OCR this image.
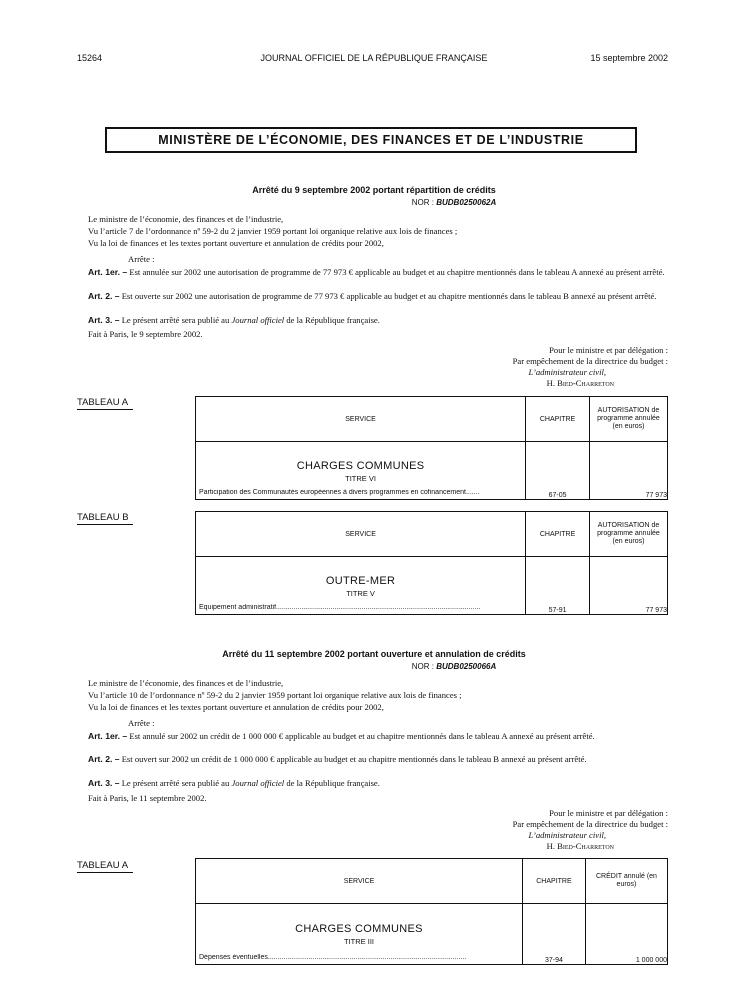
15264	JOURNAL OFFICIEL DE LA RÉPUBLIQUE FRANÇAISE	15 septembre 2002
MINISTÈRE DE L’ÉCONOMIE, DES FINANCES ET DE L’INDUSTRIE
Arrêté du 9 septembre 2002 portant répartition de crédits
NOR : BUDB0250062A
Le ministre de l’économie, des finances et de l’industrie,
Vu l’article 7 de l’ordonnance nº 59-2 du 2 janvier 1959 portant loi organique relative aux lois de finances ;
Vu la loi de finances et les textes portant ouverture et annulation de crédits pour 2002,
Arrête :
Art. 1er. – Est annulée sur 2002 une autorisation de programme de 77 973 € applicable au budget et au chapitre mentionnés dans le tableau A annexé au présent arrêté.
Art. 2. – Est ouverte sur 2002 une autorisation de programme de 77 973 € applicable au budget et au chapitre mentionnés dans le tableau B annexé au présent arrêté.
Art. 3. – Le présent arrêté sera publié au Journal officiel de la République française.
Fait à Paris, le 9 septembre 2002.
Pour le ministre et par délégation :
Par empêchement de la directrice du budget :
L’administrateur civil,
H. Bied-Charreton
TABLEAU A
SERVICE	CHAPITRE	AUTORISATION de programme annulée (en euros)

CHARGES COMMUNES
TITRE VI
Participation des Communautés européennes à divers programmes en cofinancement.......	67-05	77 973
TABLEAU B
SERVICE	CHAPITRE	AUTORISATION de programme annulée (en euros)

OUTRE-MER
TITRE V
Equipement administratif.........................................................................................................	57-91	77 973
Arrêté du 11 septembre 2002 portant ouverture et annulation de crédits
NOR : BUDB0250066A
Le ministre de l’économie, des finances et de l’industrie,
Vu l’article 10 de l’ordonnance nº 59-2 du 2 janvier 1959 portant loi organique relative aux lois de finances ;
Vu la loi de finances et les textes portant ouverture et annulation de crédits pour 2002,
Arrête :
Art. 1er. – Est annulé sur 2002 un crédit de 1 000 000 € applicable au budget et au chapitre mentionnés dans le tableau A annexé au présent arrêté.
Art. 2. – Est ouvert sur 2002 un crédit de 1 000 000 € applicable au budget et au chapitre mentionnés dans le tableau B annexé au présent arrêté.
Art. 3. – Le présent arrêté sera publié au Journal officiel de la République française.
Fait à Paris, le 11 septembre 2002.
Pour le ministre et par délégation :
Par empêchement de la directrice du budget :
L’administrateur civil,
H. Bied-Charreton
TABLEAU A
SERVICE	CHAPITRE	CRÉDIT annulé (en euros)

CHARGES COMMUNES
TITRE III
Dépenses éventuelles......................................................................................................	37-94	1 000 000
